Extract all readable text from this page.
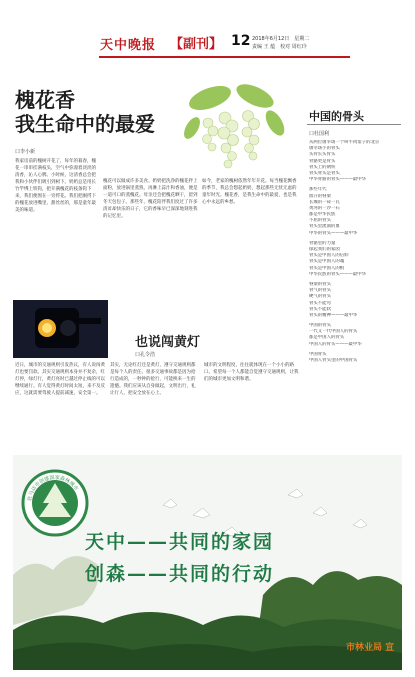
天中晚报 【副刊】 12 2018年6月12日　星期二
责编 王 蕴　校对 周红玲
槐花香
我生命中的最爱
口李小新
我家房前的槐树开花了，每年的暮春，槐花一串串挂满枝头，空气中弥漫着淡淡的清香，沁人心脾。小时候，这清香总会把我和小伙伴们吸引到树下。奶奶总是用长竹竿绑上铁钩，把开满槐花的枝条钩下来，我们便围在一旁捋花。我们把刚捋下的槐花放进嘴里，甜丝丝的，那是童年最美的味道。
槐花可以做成许多美食。奶奶把洗净的槐花拌上面粉，放进锅里蒸熟，再淋上蒜汁和香油，便是一道可口的蒸槐花。母亲还会把槐花晒干，留到冬天包包子。那些年，槐花陪伴我们度过了许多清贫却快乐的日子，它的香味早已深深地刻进我的记忆里。
如今，老家的槐树依然年年开花。每当槐花飘香的季节，我总会想起奶奶，想起那些无忧无虑的童年时光。槐花香，是我生命中的最爱，也是我心中永远的乡愁。
中国的骨头
口杜国利
从两位屠宰场一个叫牛肉馆子的北京
屠宰场小的骨头
头骨长头骨头
骨骼更是骨头
骨头上的钢铁
骨头骨头是骨头
中华骨骼的骨头———最中华
那些年代
血汗的脊梁
长城的一砖一瓦
黄河的一沙一石
都是中华民族
不屈的骨头
骨头里流淌的血
中华的骨头———最中华
骨骼里的力量
撑起我们的家园
骨头是中国人的信仰
骨头是中国人的魂
骨头是中国人的根
中华民族的骨头———最中华
脊梁的骨头
骨气的骨头
硬气的骨头
骨头不能弯
骨头不能软
骨头的精神———最中华
中国的骨头
一代又一代中国人的骨头
都是中国人的骨头
中国人的骨头———最中华
中国骨头
中国人骨头里的中国骨头
也说闯黄灯
口孔令浩
近日，城市的交通规则引发热议，有人说闯黄灯也要罚款。其实交通规则本身并不复杂，红灯停，绿灯行，黄灯亮时已越过停止线的可以继续通行。有人觉得黄灯时间太短，来不及反应，这就需要驾驶人提前减速，安全第一。
其实，无论红灯还是黄灯，遵守交通规则都是每个人的责任。很多交通事故都是因为抢行造成的，一秒钟的抢行，可能换来一生的遗憾。我们应该从自身做起，文明出行，礼让行人，把安全放在心上。
城市的文明程度，往往就体现在一个小小的路口。希望每一个人都能自觉遵守交通规则，让我们的城市更加文明和谐。
驻马店市创建国家森林城市
天中——共同的家园
创森——共同的行动
市林业局 宣
